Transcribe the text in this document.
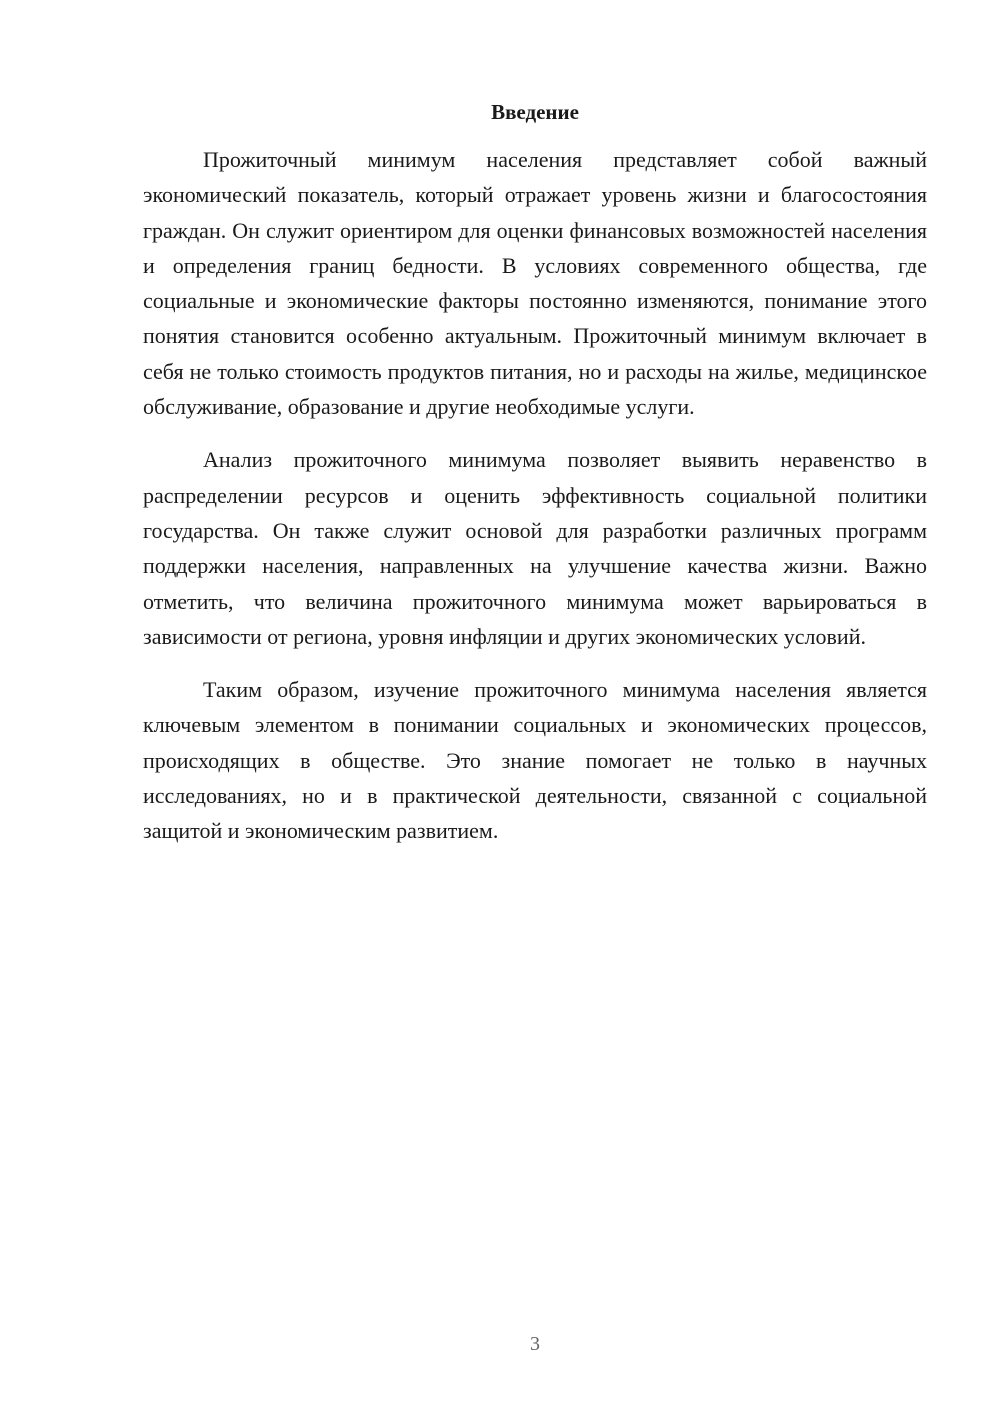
Введение

Прожиточный минимум населения представляет собой важный экономический показатель, который отражает уровень жизни и благосостояния граждан. Он служит ориентиром для оценки финансовых возможностей населения и определения границ бедности. В условиях современного общества, где социальные и экономические факторы постоянно изменяются, понимание этого понятия становится особенно актуальным. Прожиточный минимум включает в себя не только стоимость продуктов питания, но и расходы на жилье, медицинское обслуживание, образование и другие необходимые услуги.

Анализ прожиточного минимума позволяет выявить неравенство в распределении ресурсов и оценить эффективность социальной политики государства. Он также служит основой для разработки различных программ поддержки населения, направленных на улучшение качества жизни. Важно отметить, что величина прожиточного минимума может варьироваться в зависимости от региона, уровня инфляции и других экономических условий.

Таким образом, изучение прожиточного минимума населения является ключевым элементом в понимании социальных и экономических процессов, происходящих в обществе. Это знание помогает не только в научных исследованиях, но и в практической деятельности, связанной с социальной защитой и экономическим развитием.

3
